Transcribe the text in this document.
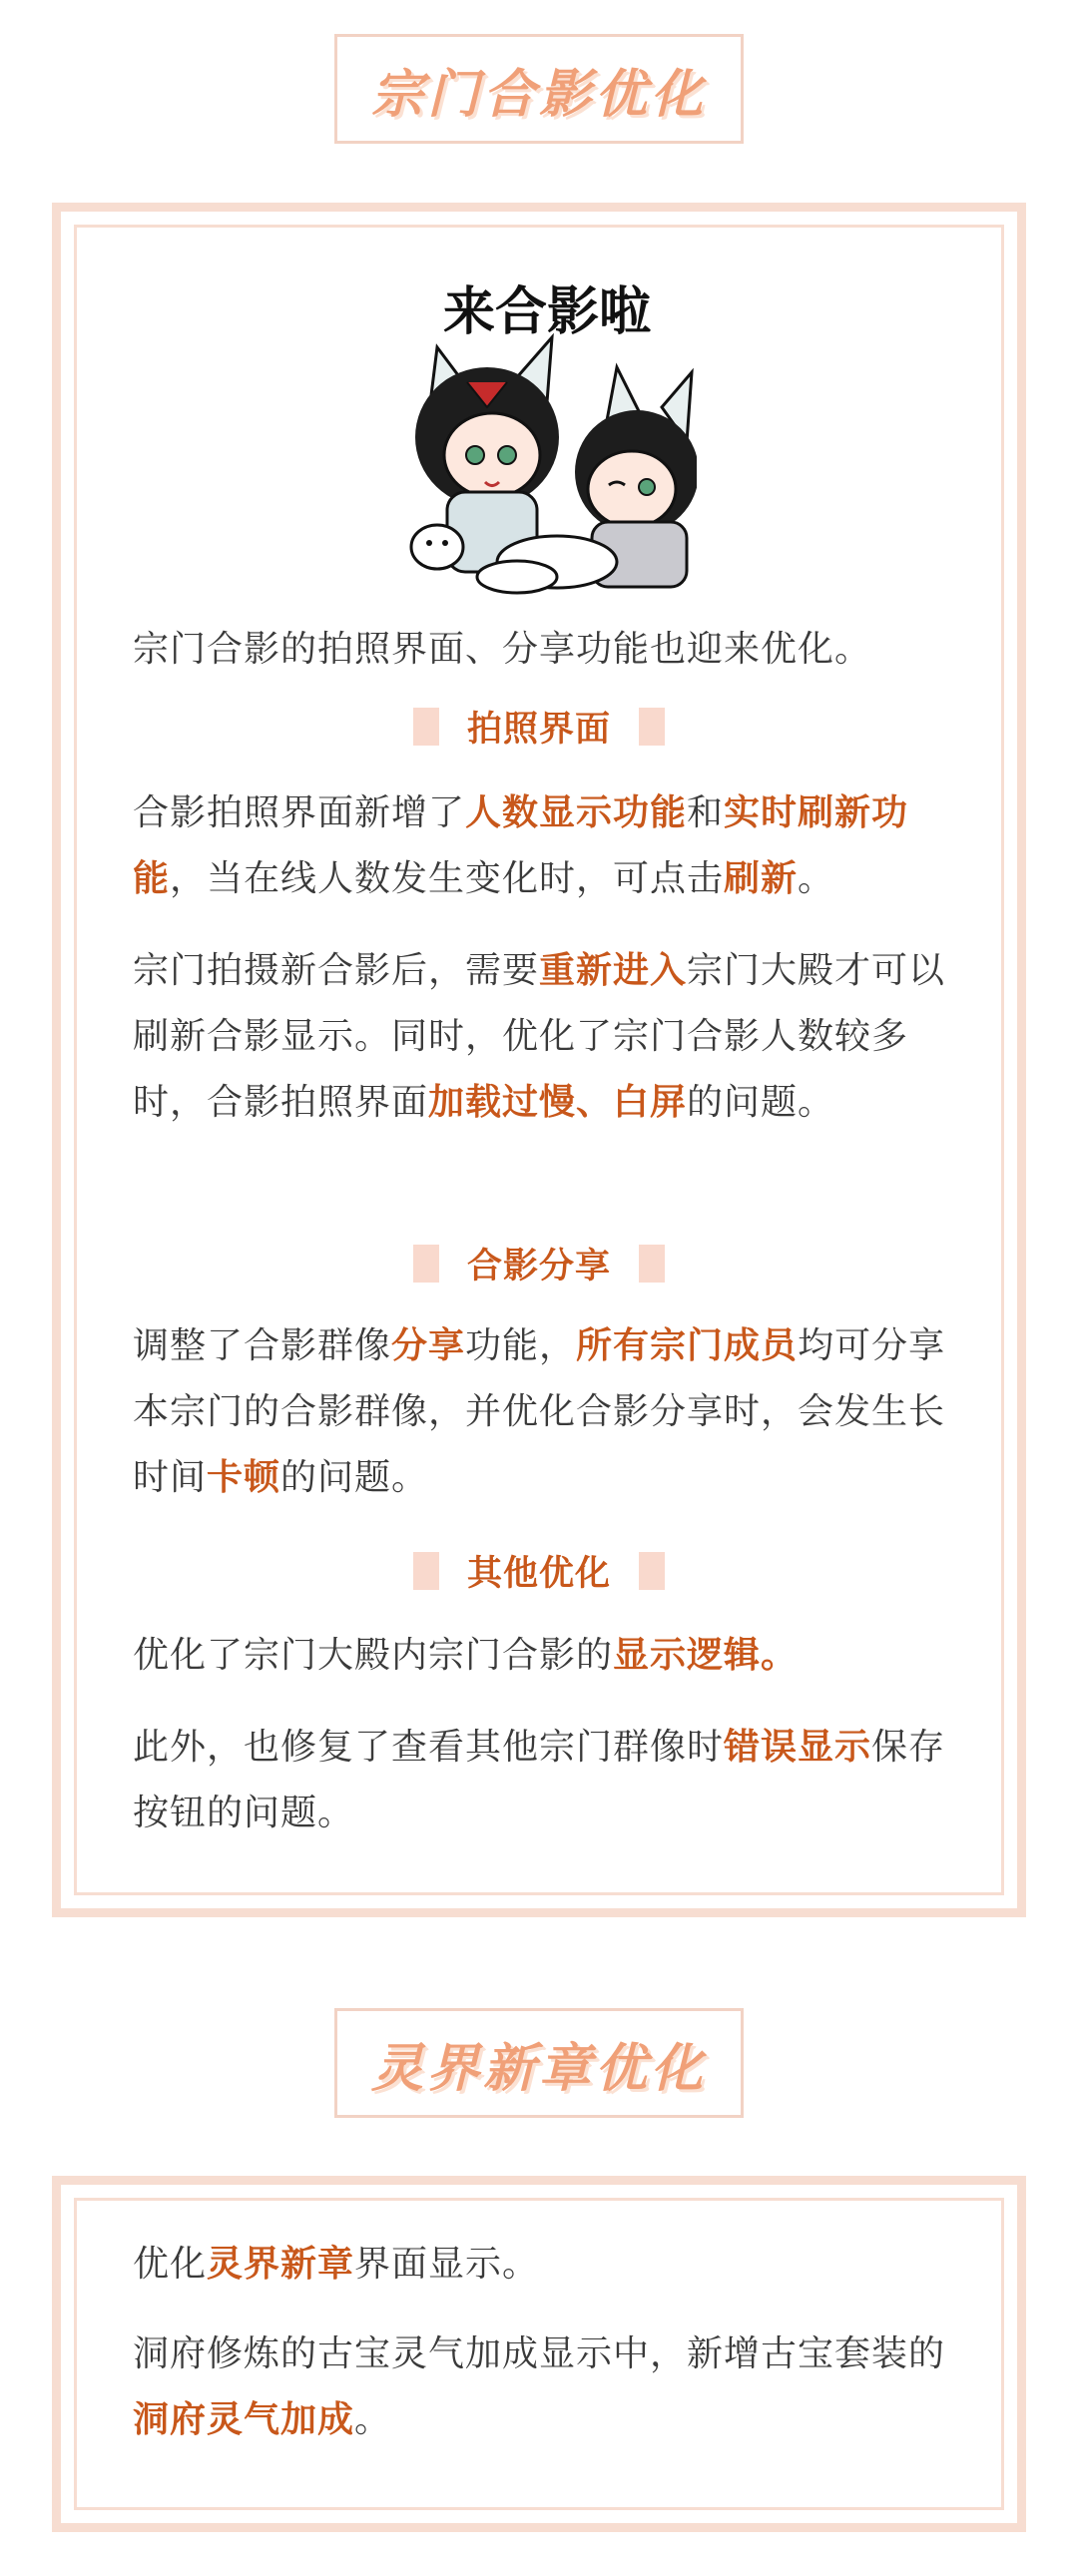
宗门合影优化
来合影啦

宗门合影的拍照界面、分享功能也迎来优化。

拍照界面

合影拍照界面新增了人数显示功能和实时刷新功能，当在线人数发生变化时，可点击刷新。

宗门拍摄新合影后，需要重新进入宗门大殿才可以刷新合影显示。同时，优化了宗门合影人数较多时，合影拍照界面加载过慢、白屏的问题。

合影分享

调整了合影群像分享功能，所有宗门成员均可分享本宗门的合影群像，并优化合影分享时，会发生长时间卡顿的问题。

其他优化

优化了宗门大殿内宗门合影的显示逻辑。

此外，也修复了查看其他宗门群像时错误显示保存按钮的问题。

灵界新章优化

优化灵界新章界面显示。

洞府修炼的古宝灵气加成显示中，新增古宝套装的洞府灵气加成。
